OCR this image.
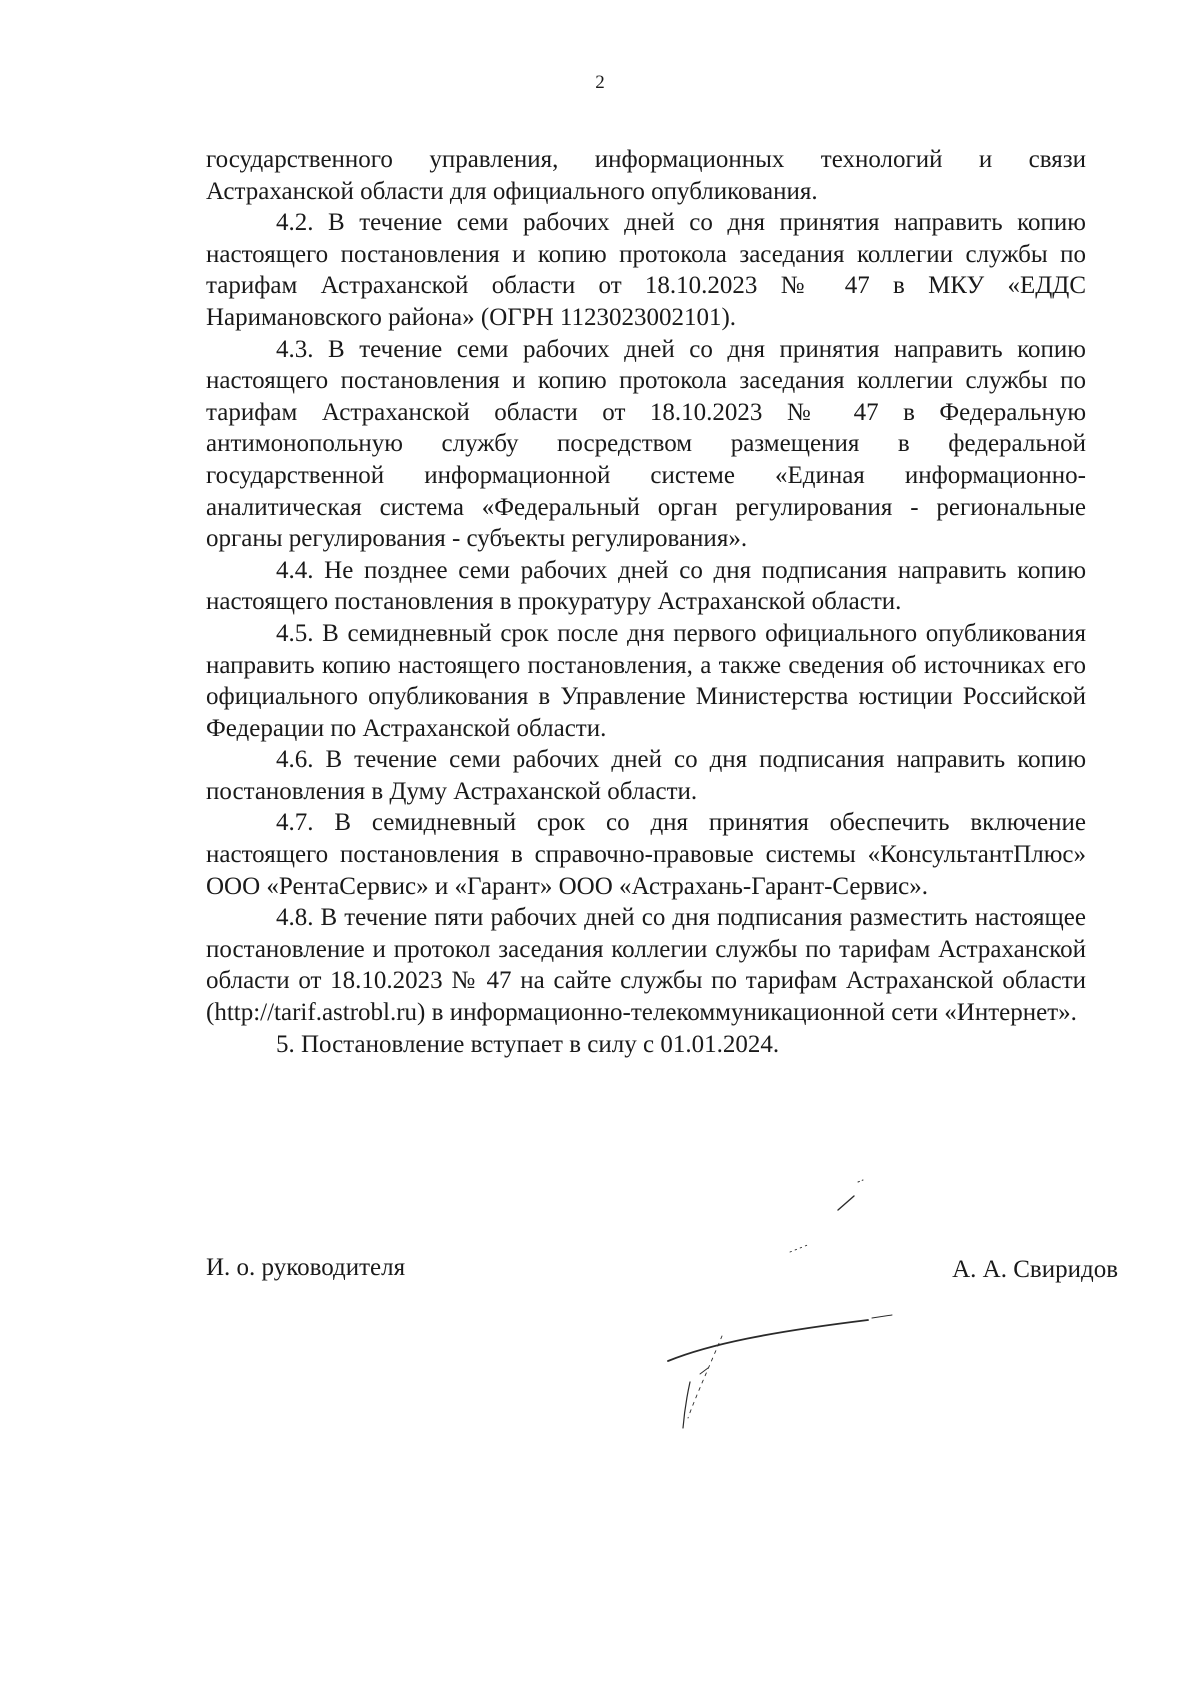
2

государственного управления, информационных технологий и связи Астраханской области для официального опубликования.

4.2. В течение семи рабочих дней со дня принятия направить копию настоящего постановления и копию протокола заседания коллегии службы по тарифам Астраханской области от 18.10.2023 № 47 в МКУ «ЕДДС Наримановского района» (ОГРН 1123023002101).

4.3. В течение семи рабочих дней со дня принятия направить копию настоящего постановления и копию протокола заседания коллегии службы по тарифам Астраханской области от 18.10.2023 № 47 в Федеральную антимонопольную службу посредством размещения в федеральной государственной информационной системе «Единая информационно-аналитическая система «Федеральный орган регулирования - региональные органы регулирования - субъекты регулирования».

4.4. Не позднее семи рабочих дней со дня подписания направить копию настоящего постановления в прокуратуру Астраханской области.

4.5. В семидневный срок после дня первого официального опубликования направить копию настоящего постановления, а также сведения об источниках его официального опубликования в Управление Министерства юстиции Российской Федерации по Астраханской области.

4.6. В течение семи рабочих дней со дня подписания направить копию постановления в Думу Астраханской области.

4.7. В семидневный срок со дня принятия обеспечить включение настоящего постановления в справочно-правовые системы «КонсультантПлюс» ООО «РентаСервис» и «Гарант» ООО «Астрахань-Гарант-Сервис».

4.8. В течение пяти рабочих дней со дня подписания разместить настоящее постановление и протокол заседания коллегии службы по тарифам Астраханской области от 18.10.2023 № 47 на сайте службы по тарифам Астраханской области (http://tarif.astrobl.ru) в информационно-телекоммуникационной сети «Интернет».

5. Постановление вступает в силу с 01.01.2024.

И. о. руководителя	А. А. Свиридов
